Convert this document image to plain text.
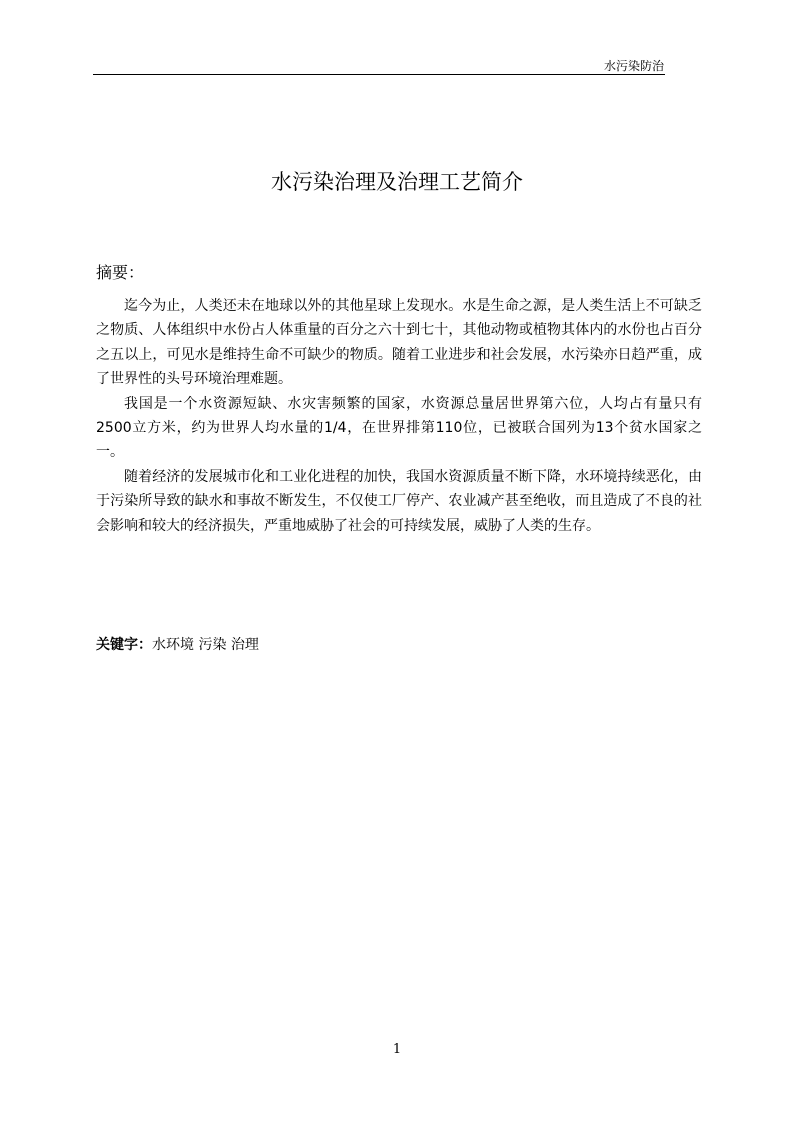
水污染防治
水污染治理及治理工艺简介
摘要：

迄今为止，人类还未在地球以外的其他星球上发现水。水是生命之源，是人类生活上不可缺乏之物质、人体组织中水份占人体重量的百分之六十到七十，其他动物或植物其体内的水份也占百分之五以上，可见水是维持生命不可缺少的物质。随着工业进步和社会发展，水污染亦日趋严重，成了世界性的头号环境治理难题。

我国是一个水资源短缺、水灾害频繁的国家，水资源总量居世界第六位，人均占有量只有2500立方米，约为世界人均水量的1/4，在世界排第110位，已被联合国列为13个贫水国家之一。

随着经济的发展城市化和工业化进程的加快，我国水资源质量不断下降，水环境持续恶化，由于污染所导致的缺水和事故不断发生，不仅使工厂停产、农业减产甚至绝收，而且造成了不良的社会影响和较大的经济损失，严重地威胁了社会的可持续发展，威胁了人类的生存。

关键字：水环境 污染 治理
1
